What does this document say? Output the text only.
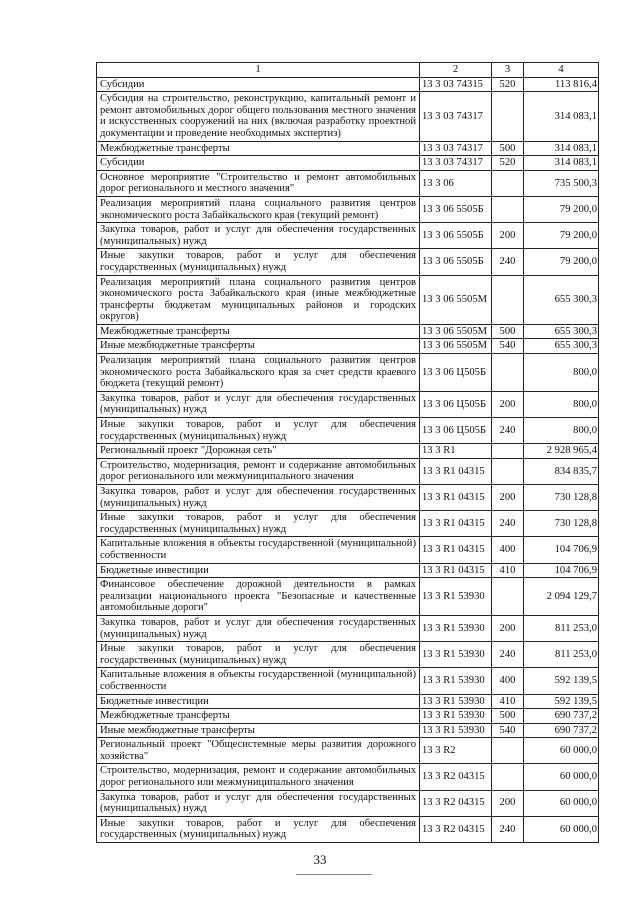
1	2	3	4
Субсидии	13 3 03 74315	520	113 816,4
Субсидия на строительство, реконструкцию, капитальный ремонт и ремонт автомобильных дорог общего пользования местного значения и искусственных сооружений на них (включая разработку проектной документации и проведение необходимых экспертиз)	13 3 03 74317		314 083,1
Межбюджетные трансферты	13 3 03 74317	500	314 083,1
Субсидии	13 3 03 74317	520	314 083,1
Основное мероприятие "Строительство и ремонт автомобильных дорог регионального и местного значения"	13 3 06		735 500,3
Реализация мероприятий плана социального развития центров экономического роста Забайкальского края (текущий ремонт)	13 3 06 5505Б		79 200,0
Закупка товаров, работ и услуг для обеспечения государственных (муниципальных) нужд	13 3 06 5505Б	200	79 200,0
Иные закупки товаров, работ и услуг для обеспечения государственных (муниципальных) нужд	13 3 06 5505Б	240	79 200,0
Реализация мероприятий плана социального развития центров экономического роста Забайкальского края (иные межбюджетные трансферты бюджетам муниципальных районов и городских округов)	13 3 06 5505М		655 300,3
Межбюджетные трансферты	13 3 06 5505М	500	655 300,3
Иные межбюджетные трансферты	13 3 06 5505М	540	655 300,3
Реализация мероприятий плана социального развития центров экономического роста Забайкальского края за счет средств краевого бюджета (текущий ремонт)	13 3 06 Ц505Б		800,0
Закупка товаров, работ и услуг для обеспечения государственных (муниципальных) нужд	13 3 06 Ц505Б	200	800,0
Иные закупки товаров, работ и услуг для обеспечения государственных (муниципальных) нужд	13 3 06 Ц505Б	240	800,0
Региональный проект "Дорожная сеть"	13 3 R1		2 928 965,4
Строительство, модернизация, ремонт и содержание автомобильных дорог регионального или межмуниципального значения	13 3 R1 04315		834 835,7
Закупка товаров, работ и услуг для обеспечения государственных (муниципальных) нужд	13 3 R1 04315	200	730 128,8
Иные закупки товаров, работ и услуг для обеспечения государственных (муниципальных) нужд	13 3 R1 04315	240	730 128,8
Капитальные вложения в объекты государственной (муниципальной) собственности	13 3 R1 04315	400	104 706,9
Бюджетные инвестиции	13 3 R1 04315	410	104 706,9
Финансовое обеспечение дорожной деятельности в рамках реализации национального проекта "Безопасные и качественные автомобильные дороги"	13 3 R1 53930		2 094 129,7
Закупка товаров, работ и услуг для обеспечения государственных (муниципальных) нужд	13 3 R1 53930	200	811 253,0
Иные закупки товаров, работ и услуг для обеспечения государственных (муниципальных) нужд	13 3 R1 53930	240	811 253,0
Капитальные вложения в объекты государственной (муниципальной) собственности	13 3 R1 53930	400	592 139,5
Бюджетные инвестиции	13 3 R1 53930	410	592 139,5
Межбюджетные трансферты	13 3 R1 53930	500	690 737,2
Иные межбюджетные трансферты	13 3 R1 53930	540	690 737,2
Региональный проект "Общесистемные меры развития дорожного хозяйства"	13 3 R2		60 000,0
Строительство, модернизация, ремонт и содержание автомобильных дорог регионального или межмуниципального значения	13 3 R2 04315		60 000,0
Закупка товаров, работ и услуг для обеспечения государственных (муниципальных) нужд	13 3 R2 04315	200	60 000,0
Иные закупки товаров, работ и услуг для обеспечения государственных (муниципальных) нужд	13 3 R2 04315	240	60 000,0
33
